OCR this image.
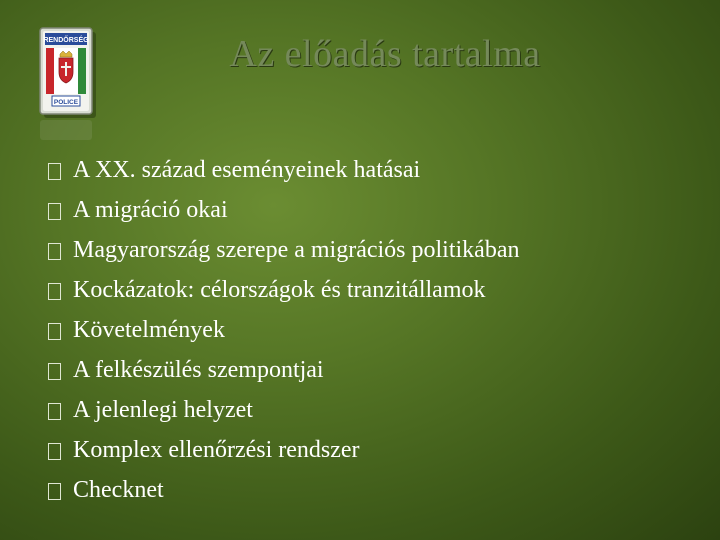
RENDŐRSÉG
POLICE
Az előadás tartalma
A XX. század eseményeinek hatásai
A migráció okai
Magyarország szerepe a migrációs politikában
Kockázatok: célországok és tranzitállamok
Követelmények
A felkészülés szempontjai
A jelenlegi helyzet
Komplex ellenőrzési rendszer
Checknet
